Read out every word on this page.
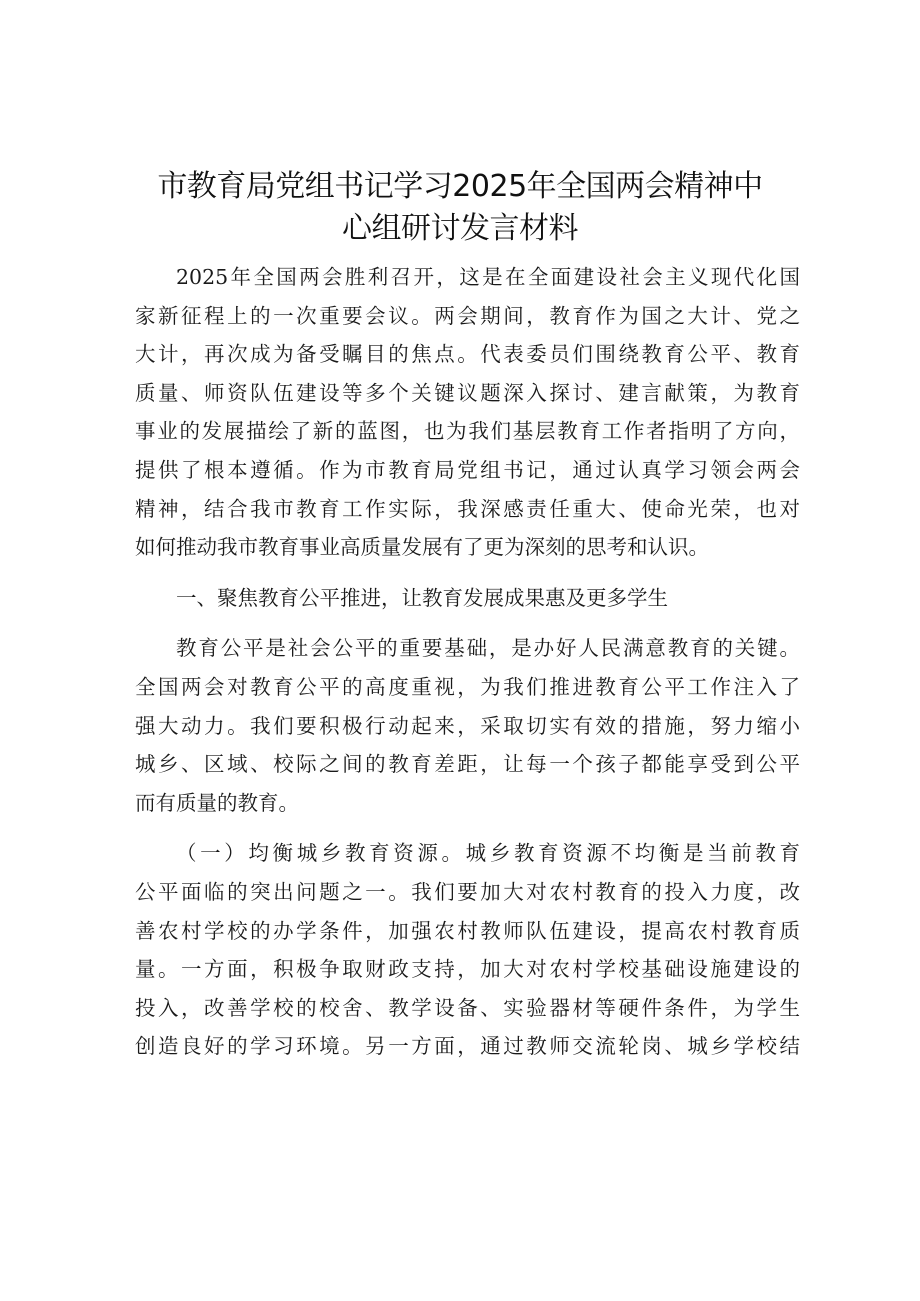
市教育局党组书记学习2025年全国两会精神中
心组研讨发言材料

2025年全国两会胜利召开，这是在全面建设社会主义现代化国
家新征程上的一次重要会议。两会期间，教育作为国之大计、党之
大计，再次成为备受瞩目的焦点。代表委员们围绕教育公平、教育
质量、师资队伍建设等多个关键议题深入探讨、建言献策，为教育
事业的发展描绘了新的蓝图，也为我们基层教育工作者指明了方向，
提供了根本遵循。作为市教育局党组书记，通过认真学习领会两会
精神，结合我市教育工作实际，我深感责任重大、使命光荣，也对
如何推动我市教育事业高质量发展有了更为深刻的思考和认识。

一、聚焦教育公平推进，让教育发展成果惠及更多学生

教育公平是社会公平的重要基础，是办好人民满意教育的关键。
全国两会对教育公平的高度重视，为我们推进教育公平工作注入了
强大动力。我们要积极行动起来，采取切实有效的措施，努力缩小
城乡、区域、校际之间的教育差距，让每一个孩子都能享受到公平
而有质量的教育。

（一）均衡城乡教育资源。城乡教育资源不均衡是当前教育
公平面临的突出问题之一。我们要加大对农村教育的投入力度，改
善农村学校的办学条件，加强农村教师队伍建设，提高农村教育质
量。一方面，积极争取财政支持，加大对农村学校基础设施建设的
投入，改善学校的校舍、教学设备、实验器材等硬件条件，为学生
创造良好的学习环境。另一方面，通过教师交流轮岗、城乡学校结
